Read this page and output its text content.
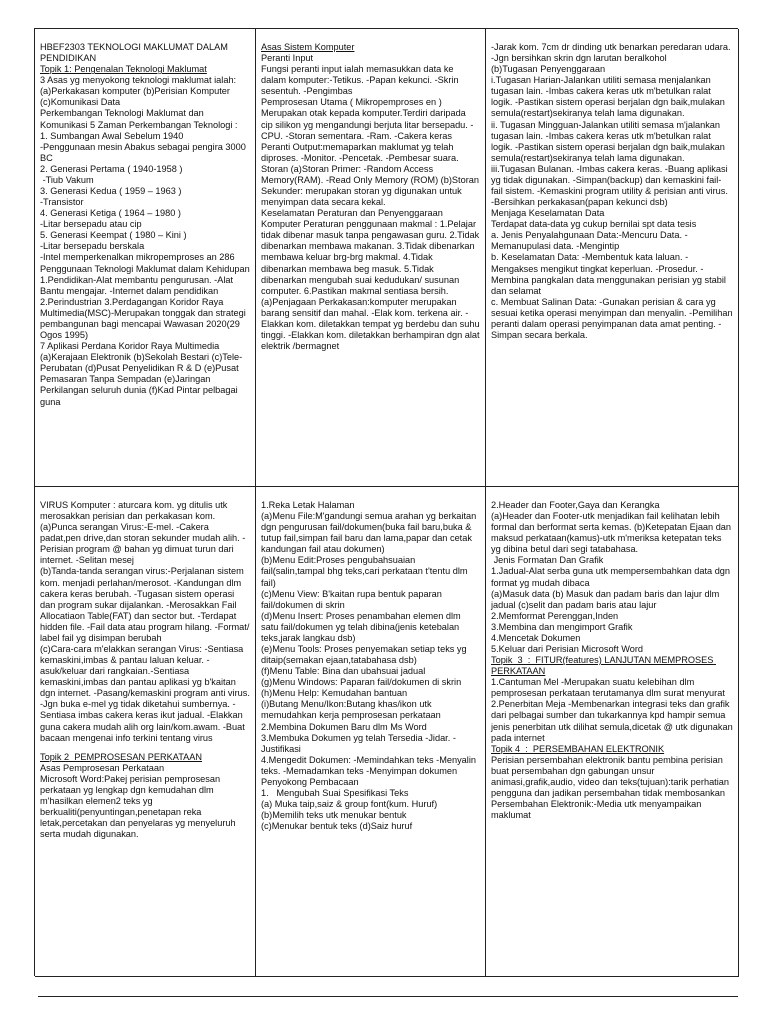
HBEF2303 TEKNOLOGI MAKLUMAT DALAM PENDIDIKAN
Topik 1: Pengenalan Teknologi Maklumat
3 Asas yg menyokong teknologi maklumat ialah: (a)Perkakasan komputer (b)Perisian Komputer (c)Komunikasi Data
Perkembangan Teknologi Maklumat dan Komunikasi 5 Zaman Perkembangan Teknologi :
1. Sumbangan Awal Sebelum 1940
-Penggunaan mesin Abakus sebagai pengira 3000 BC
2. Generasi Pertama ( 1940-1958 )
-Tiub Vakum
3. Generasi Kedua ( 1959 – 1963 )
-Transistor
4. Generasi Ketiga ( 1964 – 1980 )
-Litar bersepadu atau cip
5. Generasi Keempat ( 1980 – Kini )
-Litar bersepadu berskala
-Intel memperkenalkan mikropemproses an 286
Penggunaan Teknologi Maklumat dalam Kehidupan
1.Pendidikan-Alat membantu pengurusan. -Alat Bantu mengajar. -Internet dalam pendidikan 2.Perindustrian 3.Perdagangan Koridor Raya Multimedia(MSC)-Merupakan tonggak dan strategi pembangunan bagi mencapai Wawasan 2020(29 Ogos 1995)
7 Aplikasi Perdana Koridor Raya Multimedia (a)Kerajaan Elektronik (b)Sekolah Bestari (c)Tele-Perubatan (d)Pusat Penyelidikan R & D (e)Pusat Pemasaran Tanpa Sempadan (e)Jaringan Perkilangan seluruh dunia (f)Kad Pintar pelbagai guna
Asas Sistem Komputer
Peranti Input
Fungsi peranti input ialah memasukkan data ke dalam komputer:-Tetikus. -Papan kekunci. -Skrin sesentuh. -Pengimbas
Pemprosesan Utama ( Mikropemproses en ) Merupakan otak kepada komputer.Terdiri daripada cip silikon yg mengandungi berjuta litar bersepadu. -CPU. -Storan sementara. -Ram. -Cakera keras
Peranti Output:memaparkan maklumat yg telah diproses. -Monitor. -Pencetak. -Pembesar suara.
Storan (a)Storan Primer: -Random Access Memory(RAM). -Read Only Memory (ROM) (b)Storan Sekunder: merupakan storan yg digunakan untuk menyimpan data secara kekal.
Keselamatan Peraturan dan Penyenggaraan Komputer Peraturan penggunaan makmal : 1.Pelajar tidak dibenar masuk tanpa pengawasan guru. 2.Tidak dibenarkan membawa makanan. 3.Tidak dibenarkan membawa keluar brg-brg makmal. 4.Tidak dibenarkan membawa beg masuk. 5.Tidak dibenarkan mengubah suai kedudukan/ susunan computer. 6.Pastikan makmal sentiasa bersih.
(a)Penjagaan Perkakasan:komputer merupakan barang sensitif dan mahal. -Elak kom. terkena air. -Elakkan kom. diletakkan tempat yg berdebu dan suhu tinggi. -Elakkan kom. diletakkan berhampiran dgn alat elektrik /bermagnet
-Jarak kom. 7cm dr dinding utk benarkan peredaran udara. -Jgn bersihkan skrin dgn larutan beralkohol
(b)Tugasan Penyenggaraan
i.Tugasan Harian-Jalankan utiliti semasa menjalankan tugasan lain. -Imbas cakera keras utk m'betulkan ralat logik. -Pastikan sistem operasi berjalan dgn baik,mulakan semula(restart)sekiranya telah lama digunakan.
ii. Tugasan Mingguan-Jalankan utiliti semasa m'jalankan tugasan lain. -Imbas cakera keras utk m'betulkan ralat logik. -Pastikan sistem operasi berjalan dgn baik,mulakan semula(restart)sekiranya telah lama digunakan.
iii.Tugasan Bulanan. -Imbas cakera keras. -Buang aplikasi yg tidak digunakan. -Simpan(backup) dan kemaskini fail-fail sistem. -Kemaskini program utility & perisian anti virus. -Bersihkan perkakasan(papan kekunci dsb)
Menjaga Keselamatan Data
Terdapat data-data yg cukup bernilai spt data tesis
a. Jenis Penyalahgunaan Data:-Mencuru Data. -Memanupulasi data. -Mengintip
b. Keselamatan Data: -Membentuk kata laluan. -Mengakses mengikut tingkat keperluan. -Prosedur. -Membina pangkalan data menggunakan perisian yg stabil dan selamat
c. Membuat Salinan Data: -Gunakan perisian & cara yg sesuai ketika operasi menyimpan dan menyalin. -Pemilihan peranti dalam operasi penyimpanan data amat penting. -Simpan secara berkala.
VIRUS Komputer : aturcara kom. yg ditulis utk merosakkan perisian dan perkakasan kom.
(a)Punca serangan Virus:-E-mel. -Cakera padat,pen drive,dan storan sekunder mudah alih. -Perisian program @ bahan yg dimuat turun dari internet. -Selitan mesej
(b)Tanda-tanda serangan virus:-Perjalanan sistem kom. menjadi perlahan/merosot. -Kandungan dlm cakera keras berubah. -Tugasan sistem operasi dan program sukar dijalankan. -Merosakkan Fail Allocatiaon Table(FAT) dan sector but. -Terdapat hidden file. -Fail data atau program hilang. -Format/ label fail yg disimpan berubah
(c)Cara-cara m'elakkan serangan Virus: -Sentiasa kemaskini,imbas & pantau laluan keluar. -asuk/keluar dari rangkaian.-Sentiasa kemaskini,imbas dan pantau aplikasi yg b'kaitan dgn internet. -Pasang/kemaskini program anti virus. -Jgn buka e-mel yg tidak diketahui sumbernya. -Sentiasa imbas cakera keras ikut jadual. -Elakkan guna cakera mudah alih org lain/kom.awam. -Buat bacaan mengenai info terkini tentang virus
Topik 2  PEMPROSESAN PERKATAAN
Asas Pemprosesan Perkataan
Microsoft Word:Pakej perisian pemprosesan perkataan yg lengkap dgn kemudahan dlm m'hasilkan elemen2 teks yg berkualiti(penyuntingan,penetapan reka letak,percetakan dan penyelaras yg menyeluruh serta mudah digunakan.
1.Reka Letak Halaman
(a)Menu File:M'gandungi semua arahan yg berkaitan dgn pengurusan fail/dokumen(buka fail baru,buka & tutup fail,simpan fail baru dan lama,papar dan cetak kandungan fail atau dokumen)
(b)Menu Edit:Proses pengubahsuaian fail(salin,tampal bhg teks,cari perkataan t'tentu dlm fail)
(c)Menu View: B'kaitan rupa bentuk paparan fail/dokumen di skrin
(d)Menu Insert: Proses penambahan elemen dlm satu fail/dokumen yg telah dibina(jenis ketebalan teks,jarak langkau dsb)
(e)Menu Tools: Proses penyemakan setiap teks yg ditaip(semakan ejaan,tatabahasa dsb)
(f)Menu Table: Bina dan ubahsuai jadual
(g)Menu Windows: Paparan fail/dokumen di skrin
(h)Menu Help: Kemudahan bantuan
(i)Butang Menu/Ikon:Butang khas/ikon utk memudahkan kerja pemprosesan perkataan
2.Membina Dokumen Baru dlm Ms Word
3.Membuka Dokumen yg telah Tersedia -Jidar. -Justifikasi
4.Mengedit Dokumen: -Memindahkan teks -Menyalin teks. -Memadamkan teks -Menyimpan dokumen
Penyokong Pembacaan
1.   Mengubah Suai Spesifikasi Teks
(a) Muka taip,saiz & group font(kum. Huruf)
(b)Memilih teks utk menukar bentuk
(c)Menukar bentuk teks (d)Saiz huruf
2.Header dan Footer,Gaya dan Kerangka
(a)Header dan Footer-utk menjadikan fail kelihatan lebih formal dan berformat serta kemas. (b)Ketepatan Ejaan dan maksud perkataan(kamus)-utk m'meriksa ketepatan teks yg dibina betul dari segi tatabahasa.
Jenis Formatan Dan Grafik
1.Jadual-Alat serba guna utk mempersembahkan data dgn format yg mudah dibaca
(a)Masuk data (b) Masuk dan padam baris dan lajur dlm jadual (c)selit dan padam baris atau lajur
2.Memformat Perenggan,Inden
3.Membina dan mengimport Grafik
4.Mencetak Dokumen
5.Keluar dari Perisian Microsoft Word
Topik  3  :  FITUR(features) LANJUTAN MEMPROSES PERKATAAN
1.Cantuman Mel -Merupakan suatu kelebihan dlm pemprosesan perkataan terutamanya dlm surat menyurat
2.Penerbitan Meja -Membenarkan integrasi teks dan grafik dari pelbagai sumber dan tukarkannya kpd hampir semua jenis penerbitan utk dilihat semula,dicetak @ utk digunakan pada internet
Topik 4  :  PERSEMBAHAN ELEKTRONIK
Perisian persembahan elektronik bantu pembina perisian buat persembahan dgn gabungan unsur animasi,grafik,audio, video dan teks(tujuan):tarik perhatian pengguna dan jadikan persembahan tidak membosankan
Persembahan Elektronik:-Media utk menyampaikan maklumat
